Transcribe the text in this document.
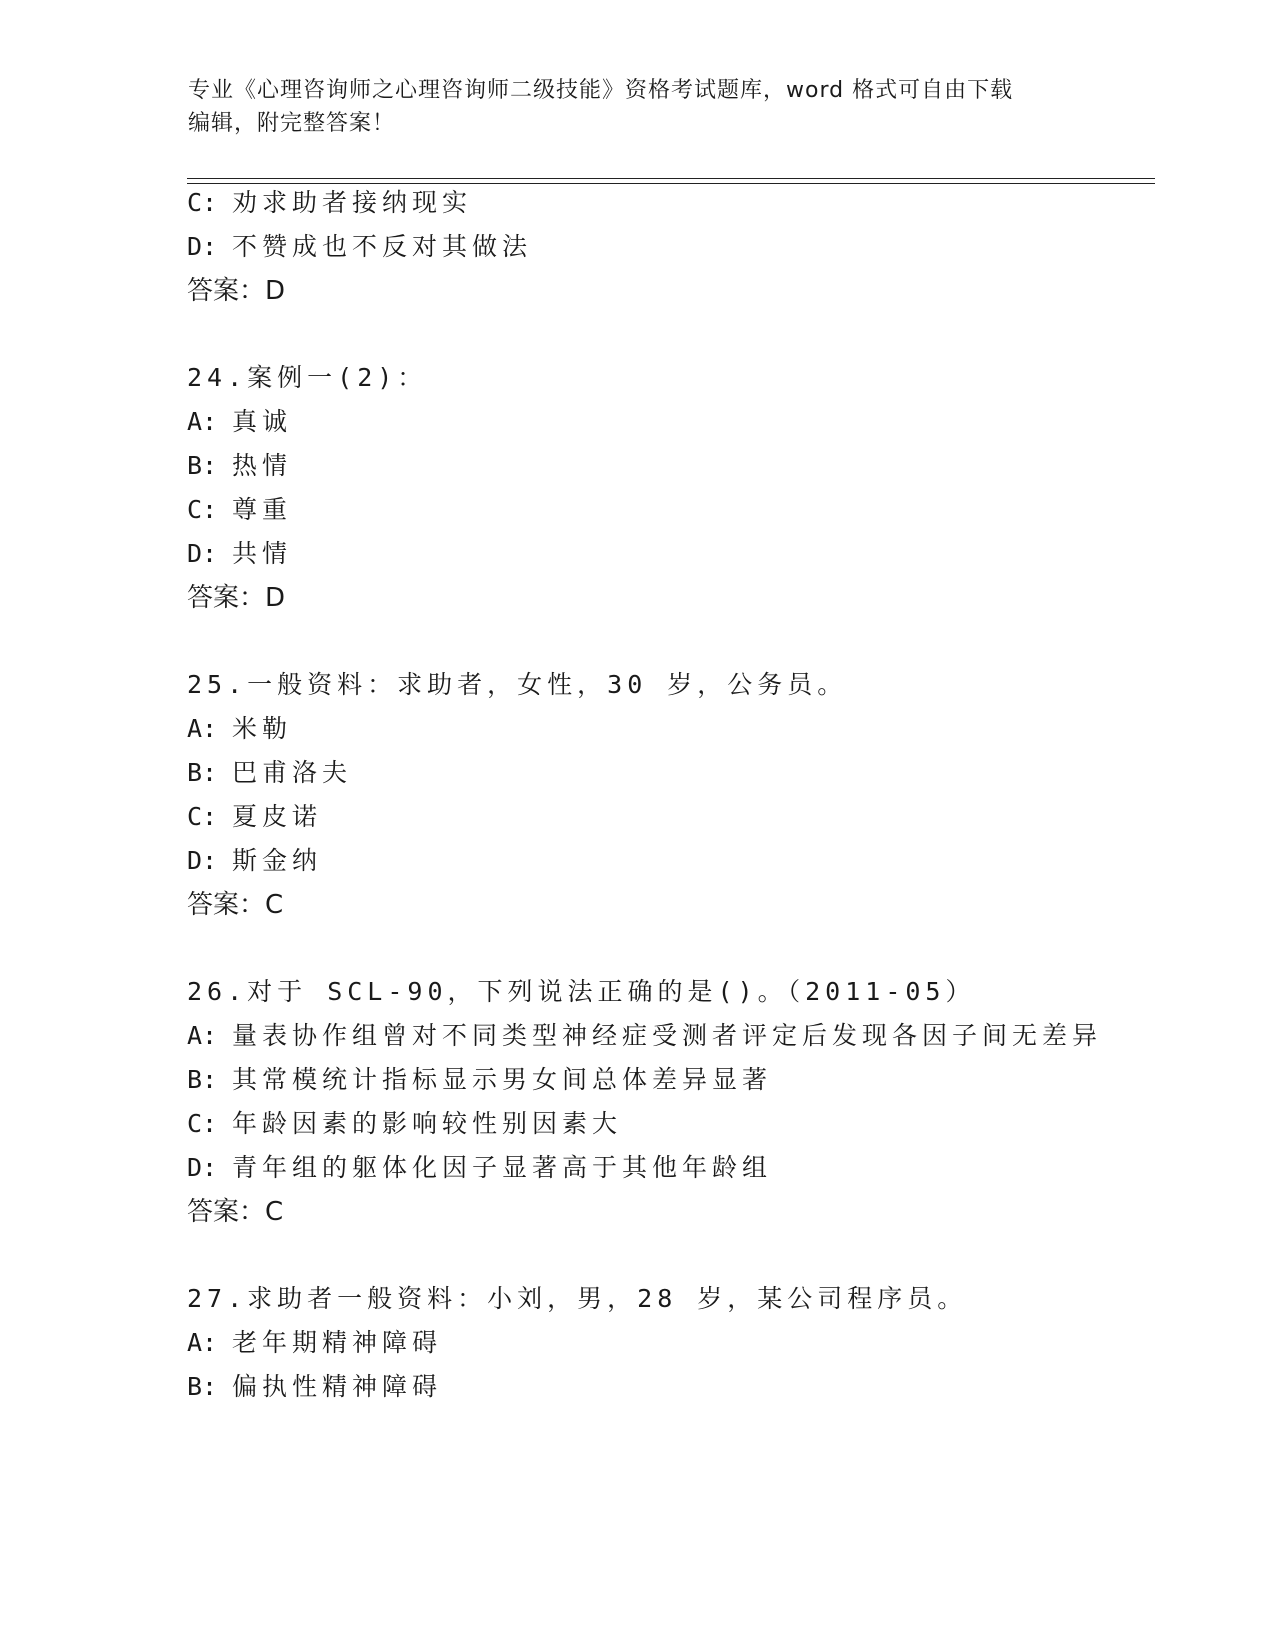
专业《心理咨询师之心理咨询师二级技能》资格考试题库，word 格式可自由下载
编辑，附完整答案！
C: 劝求助者接纳现实
D: 不赞成也不反对其做法
答案：D
24.案例一(2)：
A: 真诚
B: 热情
C: 尊重
D: 共情
答案：D
25.一般资料：求助者，女性，30 岁，公务员。
A: 米勒
B: 巴甫洛夫
C: 夏皮诺
D: 斯金纳
答案：C
26.对于 SCL-90，下列说法正确的是()。（2011-05）
A: 量表协作组曾对不同类型神经症受测者评定后发现各因子间无差异
B: 其常模统计指标显示男女间总体差异显著
C: 年龄因素的影响较性别因素大
D: 青年组的躯体化因子显著高于其他年龄组
答案：C
27.求助者一般资料：小刘，男，28 岁，某公司程序员。
A: 老年期精神障碍
B: 偏执性精神障碍
